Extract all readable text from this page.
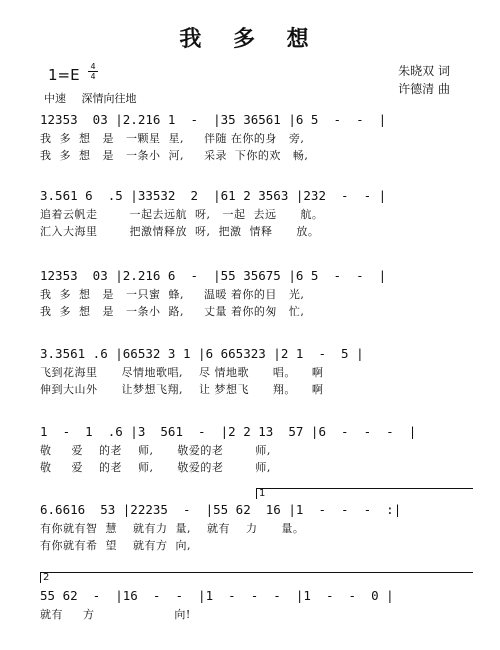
我 多 想
1=E	4
4
中速 深情向往地
朱晓双 词
许德清 曲
12353  03 |2.216 1  -  |35 36561 |6 5  -  -  |
我  多  想   是   一颗星  星,     伴随 在你的身   旁,
我  多  想   是   一条小  河,     采录  下你的欢   畅,
3.561 6  .5 |33532  2  |61 2 3563 |232  -  - |
追着云帆走        一起去远航  呀,   一起  去远      航。
汇入大海里        把激情释放  呀,  把激  情释      放。
12353  03 |2.216 6  -  |55 35675 |6 5  -  -  |
我  多  想   是   一只蜜  蜂,     温暖 着你的目   光,
我  多  想   是   一条小  路,     丈量 着你的匆   忙,
3.3561 .6 |66532 3 1 |6 665323 |2 1  -  5 |
飞到花海里      尽情地歌唱,    尽 情地歌      唱。    啊
伸到大山外      让梦想飞翔,    让 梦想飞      翔。    啊
1  -  1  .6 |3  561  -  |2 2 13  57 |6  -  -  -  |
敬     爱    的老    师,      敬爱的老        师,
敬     爱    的老    师,      敬爱的老        师,
1
6.6616  53 |22235  -  |55 62  16 |1  -  -  -  :|
有你就有智  慧    就有力  量,    就有    力      量。
有你就有希  望    就有方  向,
2
55 62  -  |16  -  -  |1  -  -  -  |1  -  -  0 |
就有     方                    向!
